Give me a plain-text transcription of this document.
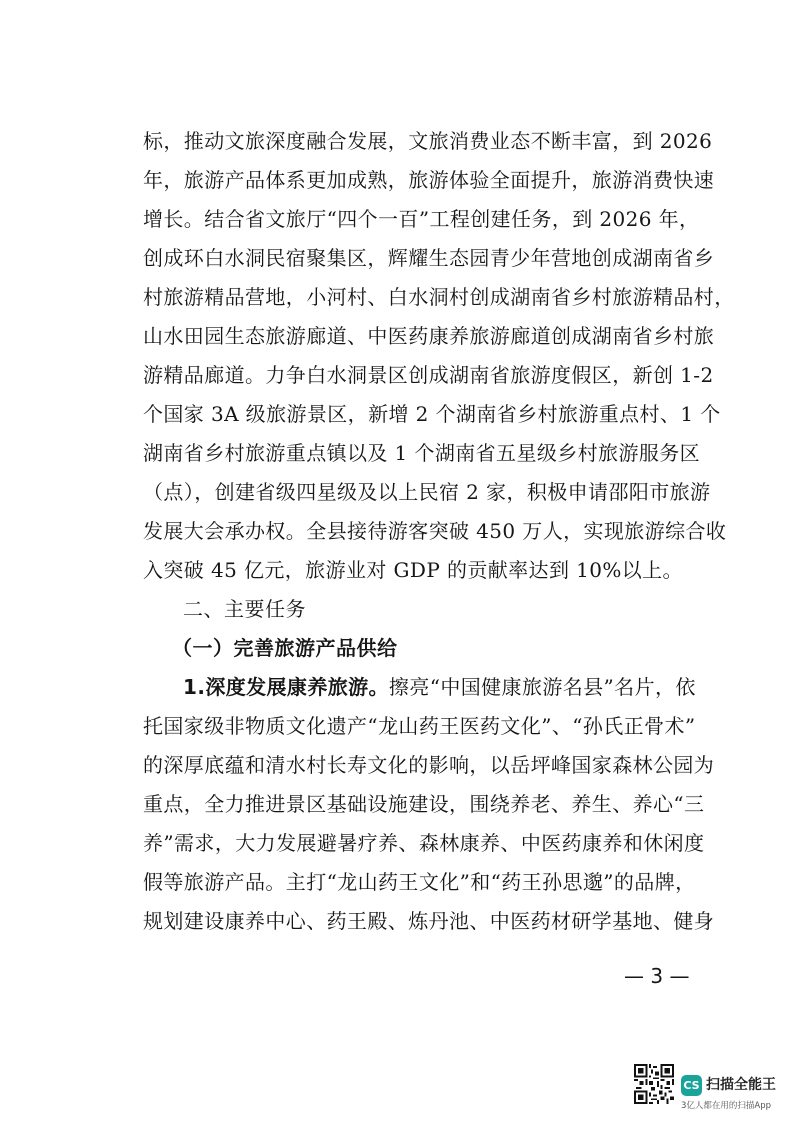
标，推动文旅深度融合发展，文旅消费业态不断丰富，到 2026
年，旅游产品体系更加成熟，旅游体验全面提升，旅游消费快速
增长。结合省文旅厅“四个一百”工程创建任务，到 2026 年，
创成环白水洞民宿聚集区，辉耀生态园青少年营地创成湖南省乡
村旅游精品营地，小河村、白水洞村创成湖南省乡村旅游精品村，
山水田园生态旅游廊道、中医药康养旅游廊道创成湖南省乡村旅
游精品廊道。力争白水洞景区创成湖南省旅游度假区，新创 1-2
个国家 3A 级旅游景区，新增 2 个湖南省乡村旅游重点村、1 个
湖南省乡村旅游重点镇以及 1 个湖南省五星级乡村旅游服务区
（点），创建省级四星级及以上民宿 2 家，积极申请邵阳市旅游
发展大会承办权。全县接待游客突破 450 万人，实现旅游综合收
入突破 45 亿元，旅游业对 GDP 的贡献率达到 10%以上。
二、主要任务
（一）完善旅游产品供给
1.深度发展康养旅游。擦亮“中国健康旅游名县”名片，依
托国家级非物质文化遗产“龙山药王医药文化”、“孙氏正骨术”
的深厚底蕴和清水村长寿文化的影响，以岳坪峰国家森林公园为
重点，全力推进景区基础设施建设，围绕养老、养生、养心“三
养”需求，大力发展避暑疗养、森林康养、中医药康养和休闲度
假等旅游产品。主打“龙山药王文化”和“药王孙思邈”的品牌，
规划建设康养中心、药王殿、炼丹池、中医药材研学基地、健身
— 3 —
CS 扫描全能王
3亿人都在用的扫描App
